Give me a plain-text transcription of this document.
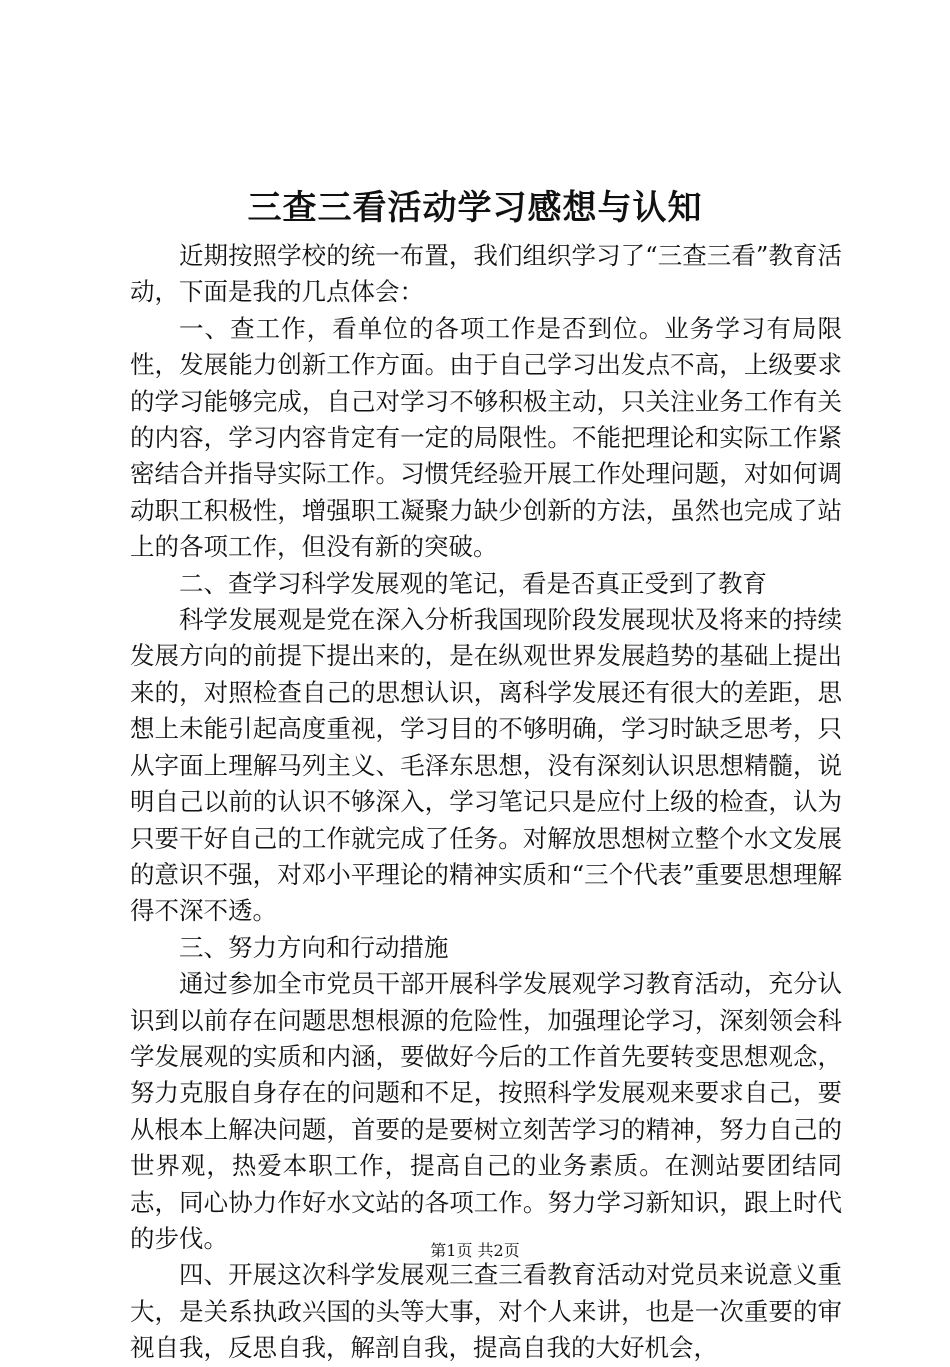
三查三看活动学习感想与认知

近期按照学校的统一布置，我们组织学习了“三查三看”教育活动，下面是我的几点体会：

一、查工作，看单位的各项工作是否到位。业务学习有局限性，发展能力创新工作方面。由于自己学习出发点不高，上级要求的学习能够完成，自己对学习不够积极主动，只关注业务工作有关的内容，学习内容肯定有一定的局限性。不能把理论和实际工作紧密结合并指导实际工作。习惯凭经验开展工作处理问题，对如何调动职工积极性，增强职工凝聚力缺少创新的方法，虽然也完成了站上的各项工作，但没有新的突破。

二、查学习科学发展观的笔记，看是否真正受到了教育

科学发展观是党在深入分析我国现阶段发展现状及将来的持续发展方向的前提下提出来的，是在纵观世界发展趋势的基础上提出来的，对照检查自己的思想认识，离科学发展还有很大的差距，思想上未能引起高度重视，学习目的不够明确，学习时缺乏思考，只从字面上理解马列主义、毛泽东思想，没有深刻认识思想精髓，说明自己以前的认识不够深入，学习笔记只是应付上级的检查，认为只要干好自己的工作就完成了任务。对解放思想树立整个水文发展的意识不强，对邓小平理论的精神实质和“三个代表”重要思想理解得不深不透。

三、努力方向和行动措施

通过参加全市党员干部开展科学发展观学习教育活动，充分认识到以前存在问题思想根源的危险性，加强理论学习，深刻领会科学发展观的实质和内涵，要做好今后的工作首先要转变思想观念，努力克服自身存在的问题和不足，按照科学发展观来要求自己，要从根本上解决问题，首要的是要树立刻苦学习的精神，努力自己的世界观，热爱本职工作，提高自己的业务素质。在测站要团结同志，同心协力作好水文站的各项工作。努力学习新知识，跟上时代的步伐。

四、开展这次科学发展观三查三看教育活动对党员来说意义重大，是关系执政兴国的头等大事，对个人来讲，也是一次重要的审视自我，反思自我，解剖自我，提高自我的大好机会，

第1页 共2页
